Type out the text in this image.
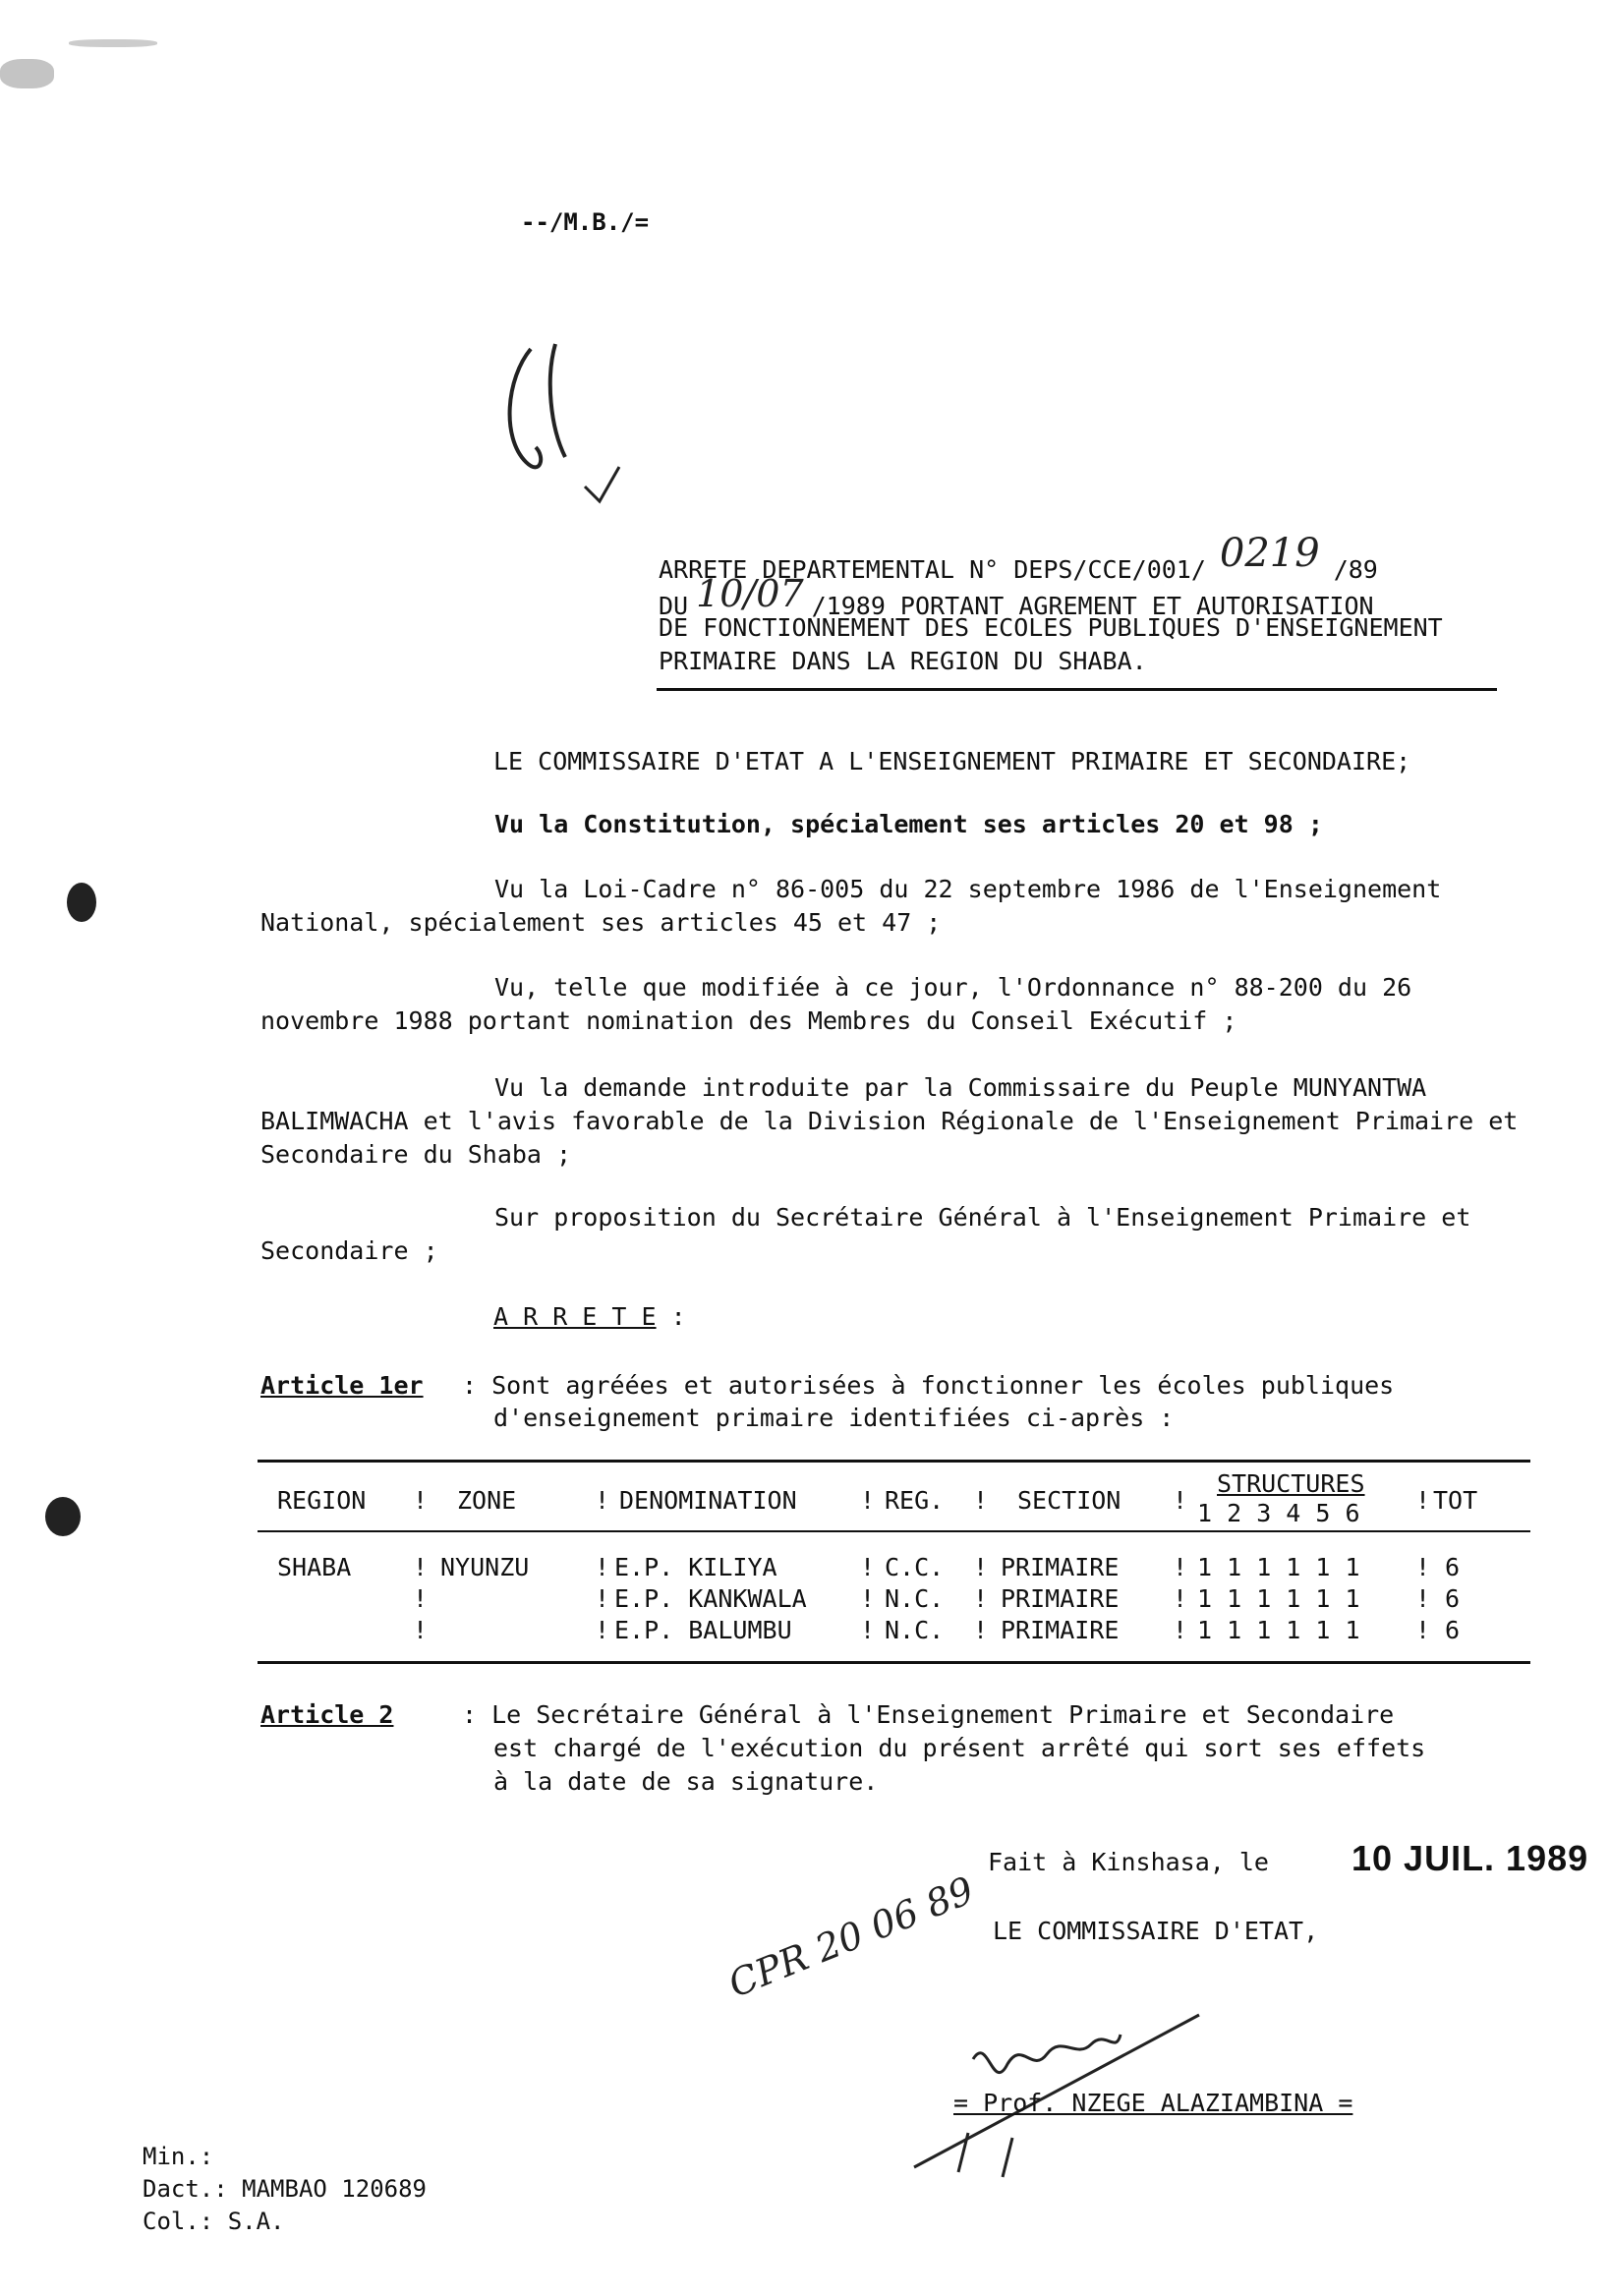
--/M.B./=
ARRETE DEPARTEMENTAL N° DEPS/CCE/001/ 0219 /89
DU 10/07 /1989 PORTANT AGREMENT ET AUTORISATION
DE FONCTIONNEMENT DES ECOLES PUBLIQUES D'ENSEIGNEMENT
PRIMAIRE DANS LA REGION DU SHABA.
LE COMMISSAIRE D'ETAT A L'ENSEIGNEMENT PRIMAIRE ET SECONDAIRE;
Vu la Constitution, spécialement ses articles 20 et 98 ;
Vu la Loi-Cadre n° 86-005 du 22 septembre 1986 de l'Enseignement National, spécialement ses articles 45 et 47 ;
Vu, telle que modifiée à ce jour, l'Ordonnance n° 88-200 du 26 novembre 1988 portant nomination des Membres du Conseil Exécutif ;
Vu la demande introduite par la Commissaire du Peuple MUNYANTWA BALIMWACHA et l'avis favorable de la Division Régionale de l'Enseignement Primaire et Secondaire du Shaba ;
Sur proposition du Secrétaire Général à l'Enseignement Primaire et Secondaire ;
A R R E T E :
Article 1er : Sont agréées et autorisées à fonctionner les écoles publiques
d'enseignement primaire identifiées ci-après :
REGION ! ZONE	! DENOMINATION	! REG. ! SECTION !
STRUCTURES
1 2 3 4 5 6 ! TOT
SHABA	! NYUNZU	! E.P. KILIYA	! C.C. ! PRIMAIRE ! 1 1 1 1 1 1 ! 6
!	! E.P. KANKWALA ! N.C. ! PRIMAIRE ! 1 1 1 1 1 1 ! 6
!	! E.P. BALUMBU	! N.C. ! PRIMAIRE ! 1 1 1 1 1 1 ! 6
Article 2	: Le Secrétaire Général à l'Enseignement Primaire et Secondaire
est chargé de l'exécution du présent arrêté qui sort ses effets
à la date de sa signature.
Fait à Kinshasa, le 10 JUIL. 1989
LE COMMISSAIRE D'ETAT,
CPR 20 06 89
= Prof. NZEGE ALAZIAMBINA =
Min.:
Dact.: MAMBAO 120689
Col.: S.A.
